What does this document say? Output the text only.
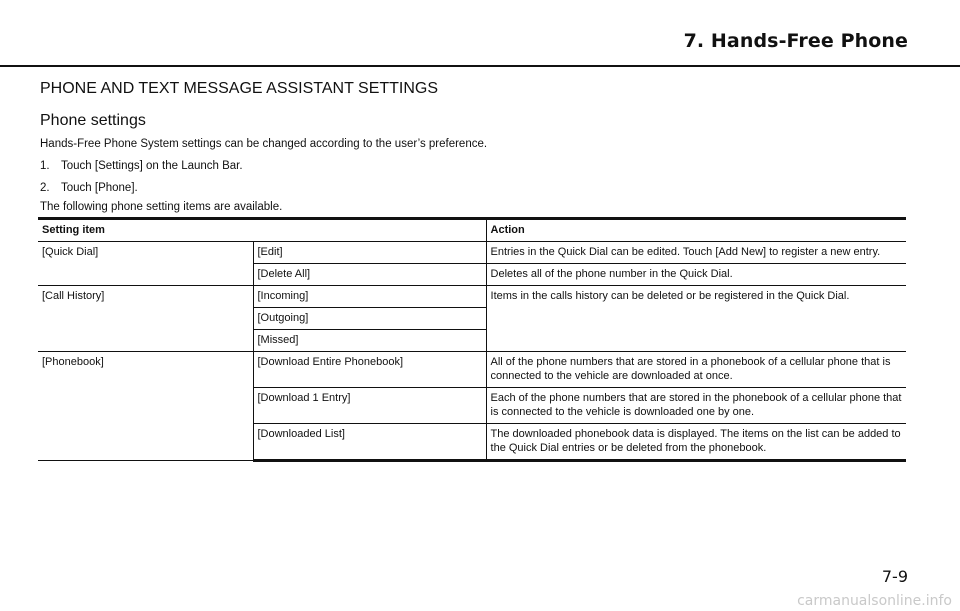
7. Hands-Free Phone
PHONE AND TEXT MESSAGE ASSISTANT SETTINGS
Phone settings
Hands-Free Phone System settings can be changed according to the user’s preference.
1. Touch [Settings] on the Launch Bar.
2. Touch [Phone].
The following phone setting items are available.
Setting item		Action
[Quick Dial]	[Edit]	Entries in the Quick Dial can be edited. Touch [Add New] to register a new entry.
	[Delete All]	Deletes all of the phone number in the Quick Dial.
[Call History]	[Incoming]	Items in the calls history can be deleted or be registered in the Quick Dial.
	[Outgoing]	
	[Missed]	
[Phonebook]	[Download Entire Phonebook]	All of the phone numbers that are stored in a phonebook of a cellular phone that is connected to the vehicle are downloaded at once.
	[Download 1 Entry]	Each of the phone numbers that are stored in the phonebook of a cellular phone that is connected to the vehicle is downloaded one by one.
	[Downloaded List]	The downloaded phonebook data is displayed. The items on the list can be added to the Quick Dial entries or be deleted from the phonebook.
7-9
carmanualsonline.info
